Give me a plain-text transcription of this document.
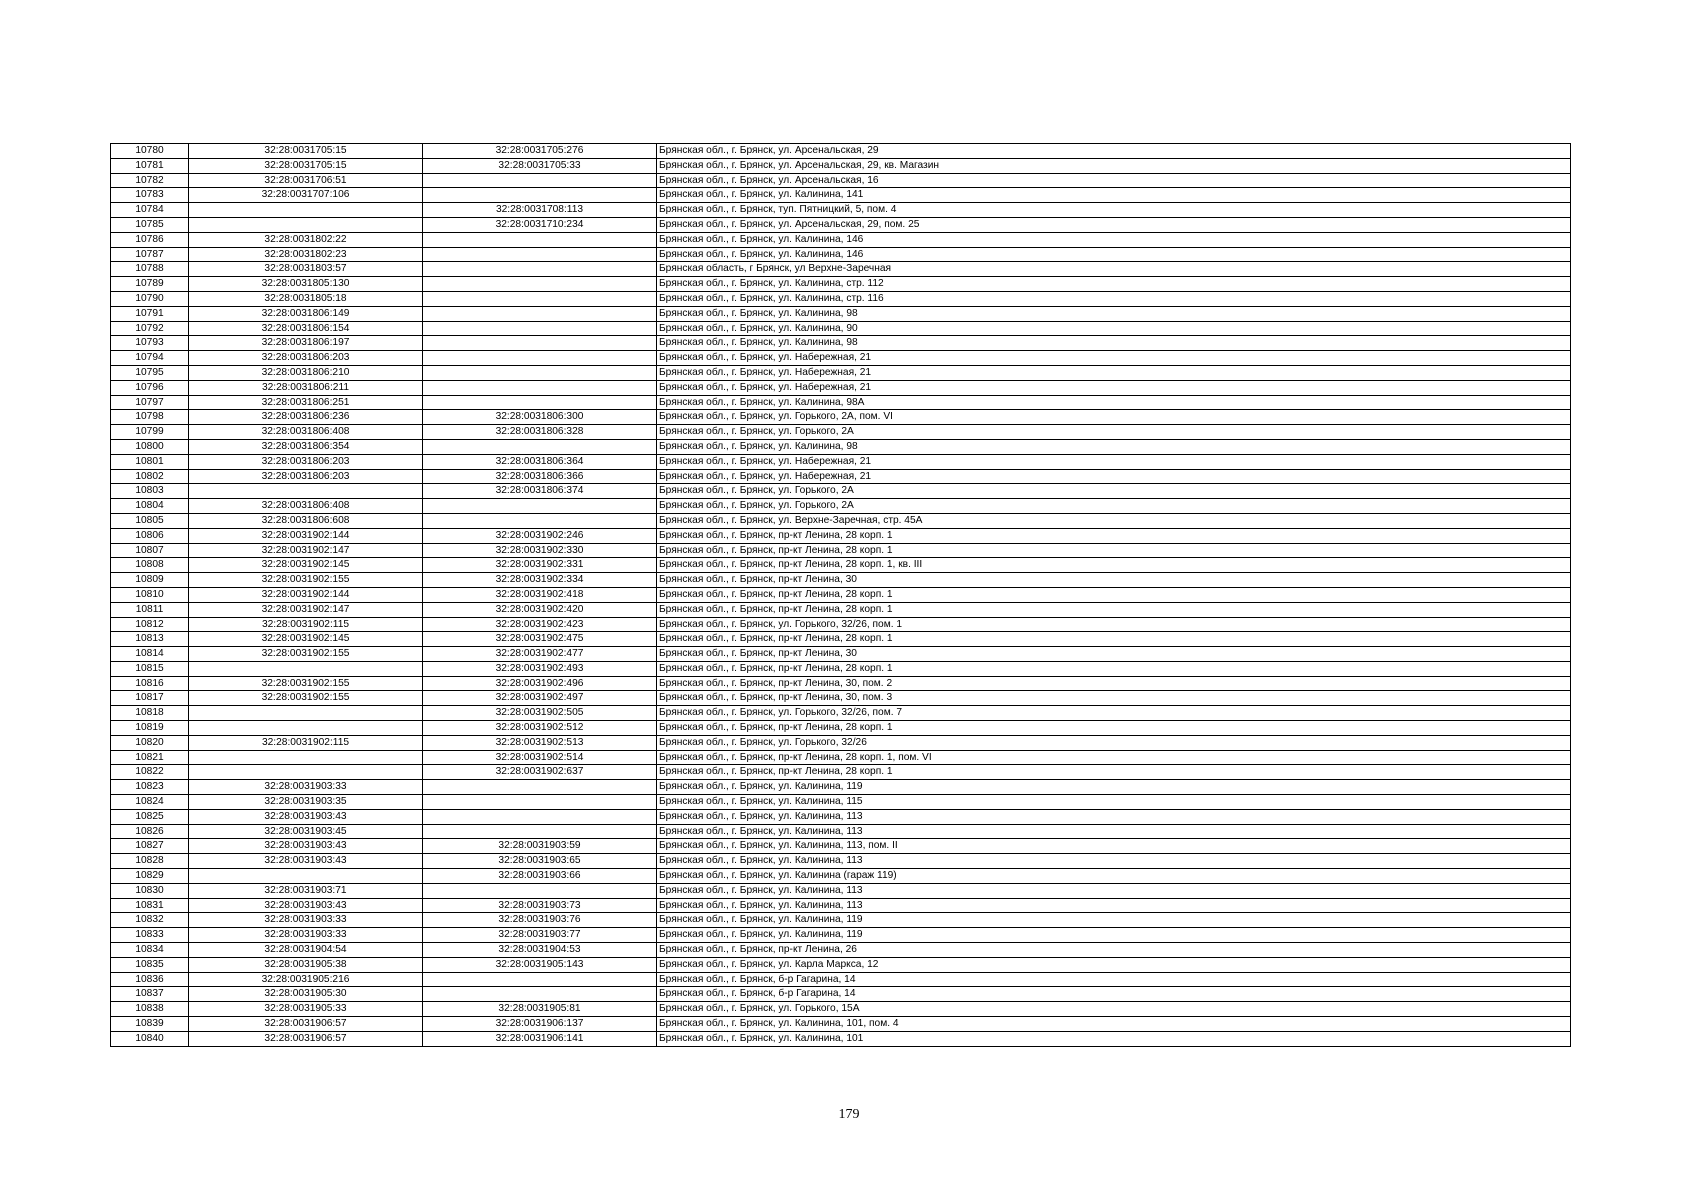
10780	32:28:0031705:15	32:28:0031705:276	Брянская обл., г. Брянск, ул. Арсенальская, 29
10781	32:28:0031705:15	32:28:0031705:33	Брянская обл., г. Брянск, ул. Арсенальская, 29, кв. Магазин
10782	32:28:0031706:51		Брянская обл., г. Брянск, ул. Арсенальская, 16
10783	32:28:0031707:106		Брянская обл., г. Брянск, ул. Калинина, 141
10784		32:28:0031708:113	Брянская обл., г. Брянск, туп. Пятницкий, 5, пом. 4
10785		32:28:0031710:234	Брянская обл., г. Брянск, ул. Арсенальская, 29, пом. 25
10786	32:28:0031802:22		Брянская обл., г. Брянск, ул. Калинина, 146
10787	32:28:0031802:23		Брянская обл., г. Брянск, ул. Калинина, 146
10788	32:28:0031803:57		Брянская область, г Брянск, ул Верхне-Заречная
10789	32:28:0031805:130		Брянская обл., г. Брянск, ул. Калинина, стр. 112
10790	32:28:0031805:18		Брянская обл., г. Брянск, ул. Калинина, стр. 116
10791	32:28:0031806:149		Брянская обл., г. Брянск, ул. Калинина, 98
10792	32:28:0031806:154		Брянская обл., г. Брянск, ул. Калинина, 90
10793	32:28:0031806:197		Брянская обл., г. Брянск, ул. Калинина, 98
10794	32:28:0031806:203		Брянская обл., г. Брянск, ул. Набережная, 21
10795	32:28:0031806:210		Брянская обл., г. Брянск, ул. Набережная, 21
10796	32:28:0031806:211		Брянская обл., г. Брянск, ул. Набережная, 21
10797	32:28:0031806:251		Брянская обл., г. Брянск, ул. Калинина, 98А
10798	32:28:0031806:236	32:28:0031806:300	Брянская обл., г. Брянск, ул. Горького, 2А, пом. VI
10799	32:28:0031806:408	32:28:0031806:328	Брянская обл., г. Брянск, ул. Горького, 2А
10800	32:28:0031806:354		Брянская обл., г. Брянск, ул. Калинина, 98
10801	32:28:0031806:203	32:28:0031806:364	Брянская обл., г. Брянск, ул. Набережная, 21
10802	32:28:0031806:203	32:28:0031806:366	Брянская обл., г. Брянск, ул. Набережная, 21
10803		32:28:0031806:374	Брянская обл., г. Брянск, ул. Горького, 2А
10804	32:28:0031806:408		Брянская обл., г. Брянск, ул. Горького, 2А
10805	32:28:0031806:608		Брянская обл., г. Брянск, ул. Верхне-Заречная, стр. 45А
10806	32:28:0031902:144	32:28:0031902:246	Брянская обл., г. Брянск, пр-кт Ленина, 28 корп. 1
10807	32:28:0031902:147	32:28:0031902:330	Брянская обл., г. Брянск, пр-кт Ленина, 28 корп. 1
10808	32:28:0031902:145	32:28:0031902:331	Брянская обл., г. Брянск, пр-кт Ленина, 28 корп. 1, кв. III
10809	32:28:0031902:155	32:28:0031902:334	Брянская обл., г. Брянск, пр-кт Ленина, 30
10810	32:28:0031902:144	32:28:0031902:418	Брянская обл., г. Брянск, пр-кт Ленина, 28 корп. 1
10811	32:28:0031902:147	32:28:0031902:420	Брянская обл., г. Брянск, пр-кт Ленина, 28 корп. 1
10812	32:28:0031902:115	32:28:0031902:423	Брянская обл., г. Брянск, ул. Горького, 32/26, пом. 1
10813	32:28:0031902:145	32:28:0031902:475	Брянская обл., г. Брянск, пр-кт Ленина, 28 корп. 1
10814	32:28:0031902:155	32:28:0031902:477	Брянская обл., г. Брянск, пр-кт Ленина, 30
10815		32:28:0031902:493	Брянская обл., г. Брянск, пр-кт Ленина, 28 корп. 1
10816	32:28:0031902:155	32:28:0031902:496	Брянская обл., г. Брянск, пр-кт Ленина, 30, пом. 2
10817	32:28:0031902:155	32:28:0031902:497	Брянская обл., г. Брянск, пр-кт Ленина, 30, пом. 3
10818		32:28:0031902:505	Брянская обл., г. Брянск, ул. Горького, 32/26, пом. 7
10819		32:28:0031902:512	Брянская обл., г. Брянск, пр-кт Ленина, 28 корп. 1
10820	32:28:0031902:115	32:28:0031902:513	Брянская обл., г. Брянск, ул. Горького, 32/26
10821		32:28:0031902:514	Брянская обл., г. Брянск, пр-кт Ленина, 28 корп. 1, пом. VI
10822		32:28:0031902:637	Брянская обл., г. Брянск, пр-кт Ленина, 28 корп. 1
10823	32:28:0031903:33		Брянская обл., г. Брянск, ул. Калинина, 119
10824	32:28:0031903:35		Брянская обл., г. Брянск, ул. Калинина, 115
10825	32:28:0031903:43		Брянская обл., г. Брянск, ул. Калинина, 113
10826	32:28:0031903:45		Брянская обл., г. Брянск, ул. Калинина, 113
10827	32:28:0031903:43	32:28:0031903:59	Брянская обл., г. Брянск, ул. Калинина, 113, пом. II
10828	32:28:0031903:43	32:28:0031903:65	Брянская обл., г. Брянск, ул. Калинина, 113
10829		32:28:0031903:66	Брянская обл., г. Брянск, ул. Калинина (гараж 119)
10830	32:28:0031903:71		Брянская обл., г. Брянск, ул. Калинина, 113
10831	32:28:0031903:43	32:28:0031903:73	Брянская обл., г. Брянск, ул. Калинина, 113
10832	32:28:0031903:33	32:28:0031903:76	Брянская обл., г. Брянск, ул. Калинина, 119
10833	32:28:0031903:33	32:28:0031903:77	Брянская обл., г. Брянск, ул. Калинина, 119
10834	32:28:0031904:54	32:28:0031904:53	Брянская обл., г. Брянск, пр-кт Ленина, 26
10835	32:28:0031905:38	32:28:0031905:143	Брянская обл., г. Брянск, ул. Карла Маркса, 12
10836	32:28:0031905:216		Брянская обл., г. Брянск, б-р Гагарина, 14
10837	32:28:0031905:30		Брянская обл., г. Брянск, б-р Гагарина, 14
10838	32:28:0031905:33	32:28:0031905:81	Брянская обл., г. Брянск, ул. Горького, 15А
10839	32:28:0031906:57	32:28:0031906:137	Брянская обл., г. Брянск, ул. Калинина, 101, пом. 4
10840	32:28:0031906:57	32:28:0031906:141	Брянская обл., г. Брянск, ул. Калинина, 101
179
